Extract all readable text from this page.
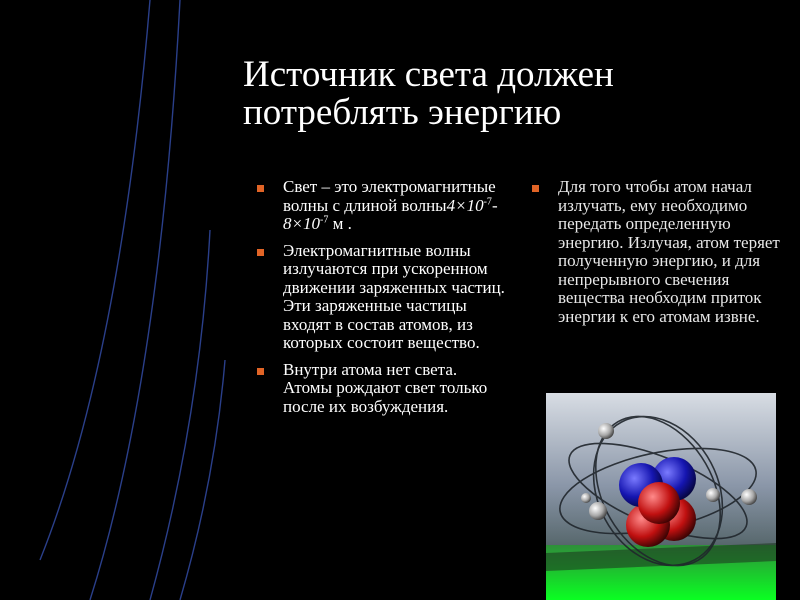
Источник света должен
потреблять энергию
Свет – это электромагнитные волны с длиной $волны4\times 10^{-7}-8\times 10^{-7}$ м .
Электромагнитные волны излучаются при ускоренном движении заряженных частиц. Эти заряженные частицы входят в состав атомов, из которых состоит вещество.
Внутри атома нет света. Атомы рождают свет только после их возбуждения.
Для того чтобы атом начал излучать, ему необходимо передать определенную энергию. Излучая, атом теряет полученную энергию, и для непрерывного свечения вещества необходим приток энергии к его атомам извне.
